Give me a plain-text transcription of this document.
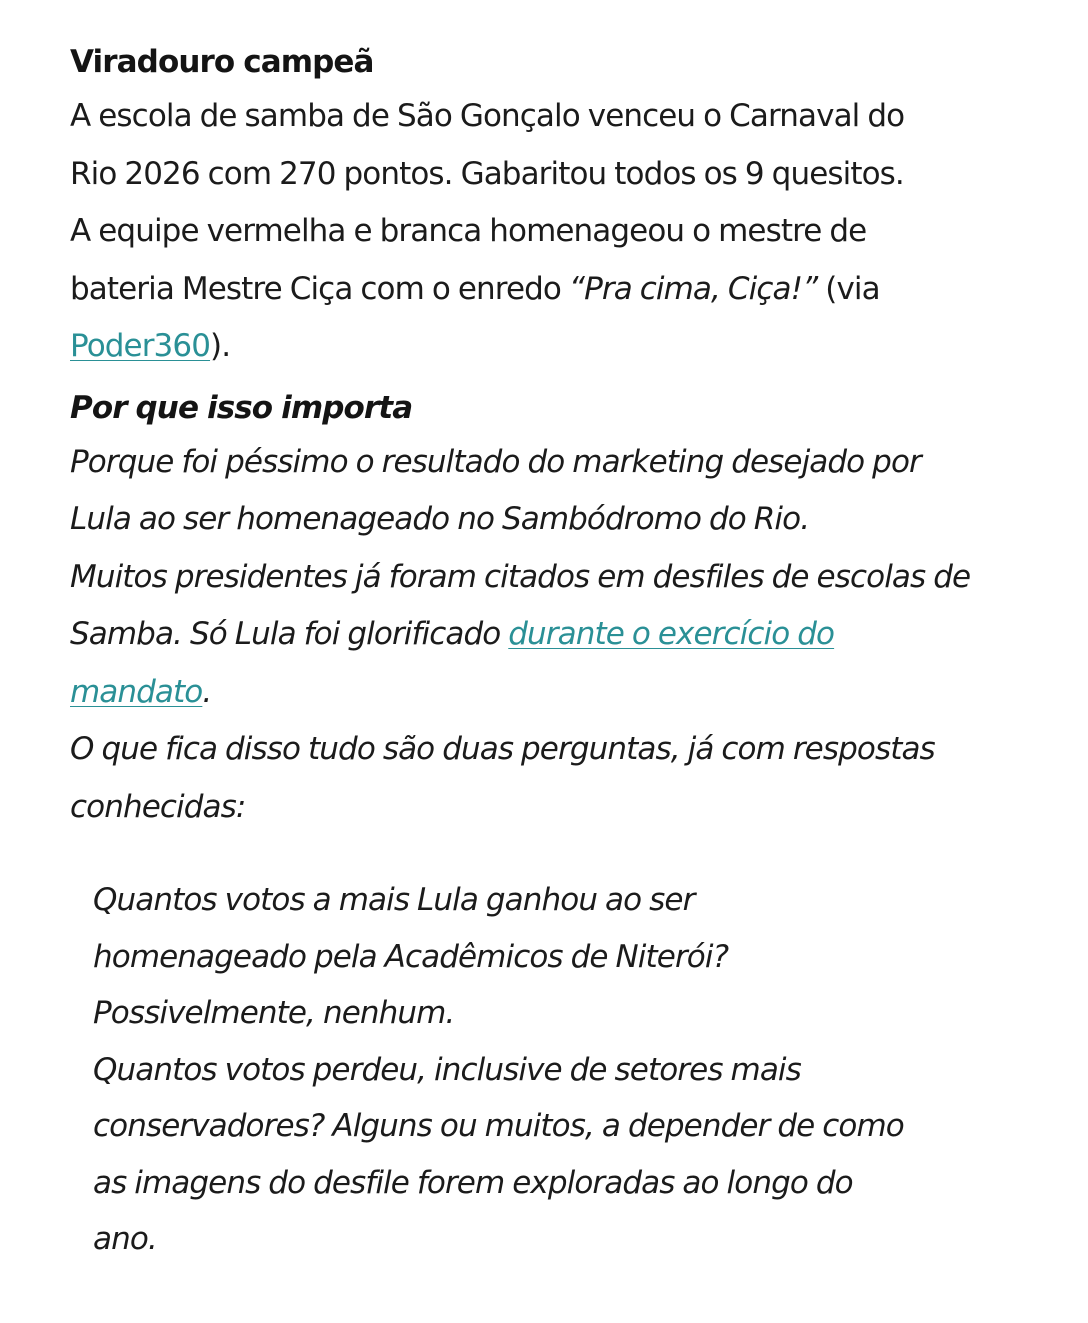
Viradouro campeã

A escola de samba de São Gonçalo venceu o Carnaval do
Rio 2026 com 270 pontos. Gabaritou todos os 9 quesitos.
A equipe vermelha e branca homenageou o mestre de
bateria Mestre Ciça com o enredo “Pra cima, Ciça!” (via
Poder360).

Por que isso importa

Porque foi péssimo o resultado do marketing desejado por
Lula ao ser homenageado no Sambódromo do Rio.
Muitos presidentes já foram citados em desfiles de escolas de
Samba. Só Lula foi glorificado durante o exercício do
mandato.
O que fica disso tudo são duas perguntas, já com respostas
conhecidas:

Quantos votos a mais Lula ganhou ao ser
homenageado pela Acadêmicos de Niterói?
Possivelmente, nenhum.
Quantos votos perdeu, inclusive de setores mais
conservadores? Alguns ou muitos, a depender de como
as imagens do desfile forem exploradas ao longo do
ano.
